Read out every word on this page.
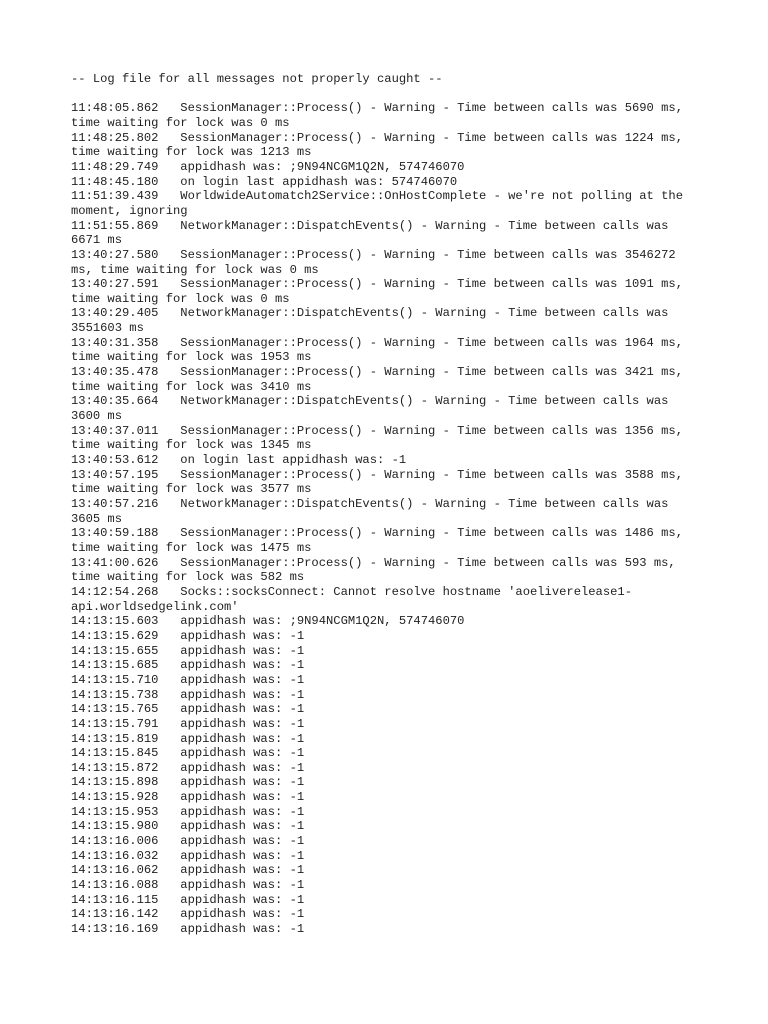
-- Log file for all messages not properly caught --
11:48:05.862   SessionManager::Process() - Warning - Time between calls was 5690 ms, time waiting for lock was 0 ms
11:48:25.802   SessionManager::Process() - Warning - Time between calls was 1224 ms, time waiting for lock was 1213 ms
11:48:29.749   appidhash was: ;9N94NCGM1Q2N, 574746070
11:48:45.180   on login last appidhash was: 574746070
11:51:39.439   WorldwideAutomatch2Service::OnHostComplete - we're not polling at the moment, ignoring
11:51:55.869   NetworkManager::DispatchEvents() - Warning - Time between calls was 6671 ms
13:40:27.580   SessionManager::Process() - Warning - Time between calls was 3546272 ms, time waiting for lock was 0 ms
13:40:27.591   SessionManager::Process() - Warning - Time between calls was 1091 ms, time waiting for lock was 0 ms
13:40:29.405   NetworkManager::DispatchEvents() - Warning - Time between calls was 3551603 ms
13:40:31.358   SessionManager::Process() - Warning - Time between calls was 1964 ms, time waiting for lock was 1953 ms
13:40:35.478   SessionManager::Process() - Warning - Time between calls was 3421 ms, time waiting for lock was 3410 ms
13:40:35.664   NetworkManager::DispatchEvents() - Warning - Time between calls was 3600 ms
13:40:37.011   SessionManager::Process() - Warning - Time between calls was 1356 ms, time waiting for lock was 1345 ms
13:40:53.612   on login last appidhash was: -1
13:40:57.195   SessionManager::Process() - Warning - Time between calls was 3588 ms, time waiting for lock was 3577 ms
13:40:57.216   NetworkManager::DispatchEvents() - Warning - Time between calls was 3605 ms
13:40:59.188   SessionManager::Process() - Warning - Time between calls was 1486 ms, time waiting for lock was 1475 ms
13:41:00.626   SessionManager::Process() - Warning - Time between calls was 593 ms, time waiting for lock was 582 ms
14:12:54.268   Socks::socksConnect: Cannot resolve hostname 'aoeliverelease1-api.worldsedgelink.com'
14:13:15.603   appidhash was: ;9N94NCGM1Q2N, 574746070
14:13:15.629   appidhash was: -1
14:13:15.655   appidhash was: -1
14:13:15.685   appidhash was: -1
14:13:15.710   appidhash was: -1
14:13:15.738   appidhash was: -1
14:13:15.765   appidhash was: -1
14:13:15.791   appidhash was: -1
14:13:15.819   appidhash was: -1
14:13:15.845   appidhash was: -1
14:13:15.872   appidhash was: -1
14:13:15.898   appidhash was: -1
14:13:15.928   appidhash was: -1
14:13:15.953   appidhash was: -1
14:13:15.980   appidhash was: -1
14:13:16.006   appidhash was: -1
14:13:16.032   appidhash was: -1
14:13:16.062   appidhash was: -1
14:13:16.088   appidhash was: -1
14:13:16.115   appidhash was: -1
14:13:16.142   appidhash was: -1
14:13:16.169   appidhash was: -1
